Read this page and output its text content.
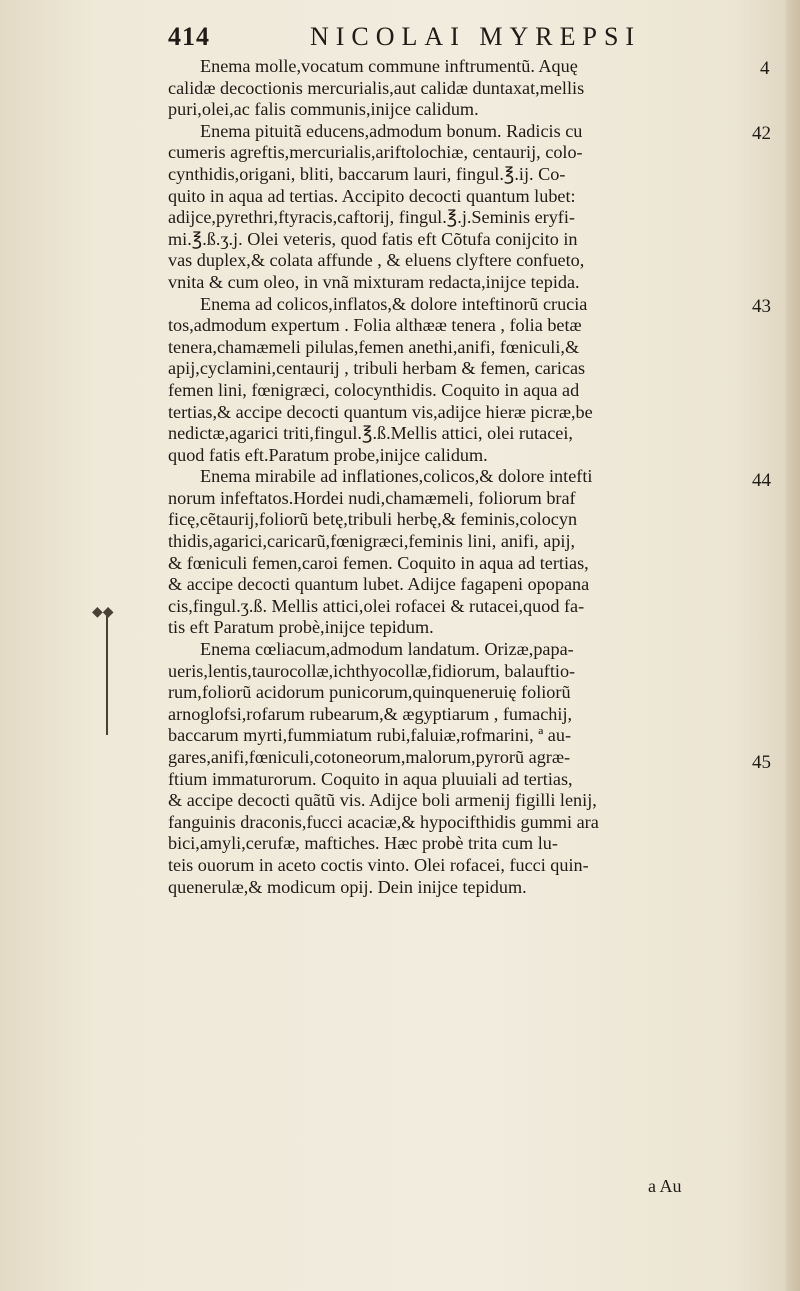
414	NICOLAI MYREPSI
Enema molle,vocatum commune inftrumentũ. Aquę
calidæ decoctionis mercurialis,aut calidæ duntaxat,mellis
puri,olei,ac falis communis,inijce calidum.
Enema pituitã educens,admodum bonum. Radicis cu
cumeris agreftis,mercurialis,ariftolochiæ, centaurij, colo-
cynthidis,origani, bliti, baccarum lauri, fingul.℥.ij. Co-
quito in aqua ad tertias. Accipito decocti quantum lubet:
adijce,pyrethri,ftyracis,caftorij, fingul.℥.j.Seminis eryfi-
mi.℥.ß.ʒ.j. Olei veteris, quod fatis eft Cõtufa conijcito in
vas duplex,& colata affunde , & eluens clyftere confueto,
vnita & cum oleo, in vnã mixturam redacta,inijce tepida.
Enema ad colicos,inflatos,& dolore inteftinorũ crucia
tos,admodum expertum . Folia althææ tenera , folia betæ
tenera,chamæmeli pilulas,femen anethi,anifi, fœniculi,&
apij,cyclamini,centaurij , tribuli herbam & femen, caricas
femen lini, fœnigræci, colocynthidis. Coquito in aqua ad
tertias,& accipe decocti quantum vis,adijce hieræ picræ,be
nedictæ,agarici triti,fingul.℥.ß.Mellis attici, olei rutacei,
quod fatis eft.Paratum probe,inijce calidum.
Enema mirabile ad inflationes,colicos,& dolore intefti
norum infeftatos.Hordei nudi,chamæmeli, foliorum braf
ficę,cẽtaurij,foliorũ betę,tribuli herbę,& feminis,colocyn
thidis,agarici,caricarũ,fœnigræci,feminis lini, anifi, apij,
& fœniculi femen,caroi femen. Coquito in aqua ad tertias,
& accipe decocti quantum lubet. Adijce fagapeni opopana
cis,fingul.ʒ.ß. Mellis attici,olei rofacei & rutacei,quod fa-
tis eft Paratum probè,inijce tepidum.
Enema cœliacum,admodum landatum. Orizæ,papa-
ueris,lentis,taurocollæ,ichthyocollæ,fidiorum, balauftio-
rum,foliorũ acidorum punicorum,quinqueneruię foliorũ
arnoglofsi,rofarum rubearum,& ægyptiarum , fumachij,
baccarum myrti,fummiatum rubi,faluiæ,rofmarini, ª au-
gares,anifi,fœniculi,cotoneorum,malorum,pyrorũ agræ-
ftium immaturorum. Coquito in aqua pluuiali ad tertias,
& accipe decocti quãtũ vis. Adijce boli armenij figilli lenij,
fanguinis draconis,fucci acaciæ,& hypocifthidis gummi ara
bici,amyli,cerufæ, maftiches. Hæc probè trita cum lu-
teis ouorum in aceto coctis vinto. Olei rofacei, fucci quin-
quenerulæ,& modicum opij. Dein inijce tepidum.
4
42
43
44
45
◆◆
a Au
